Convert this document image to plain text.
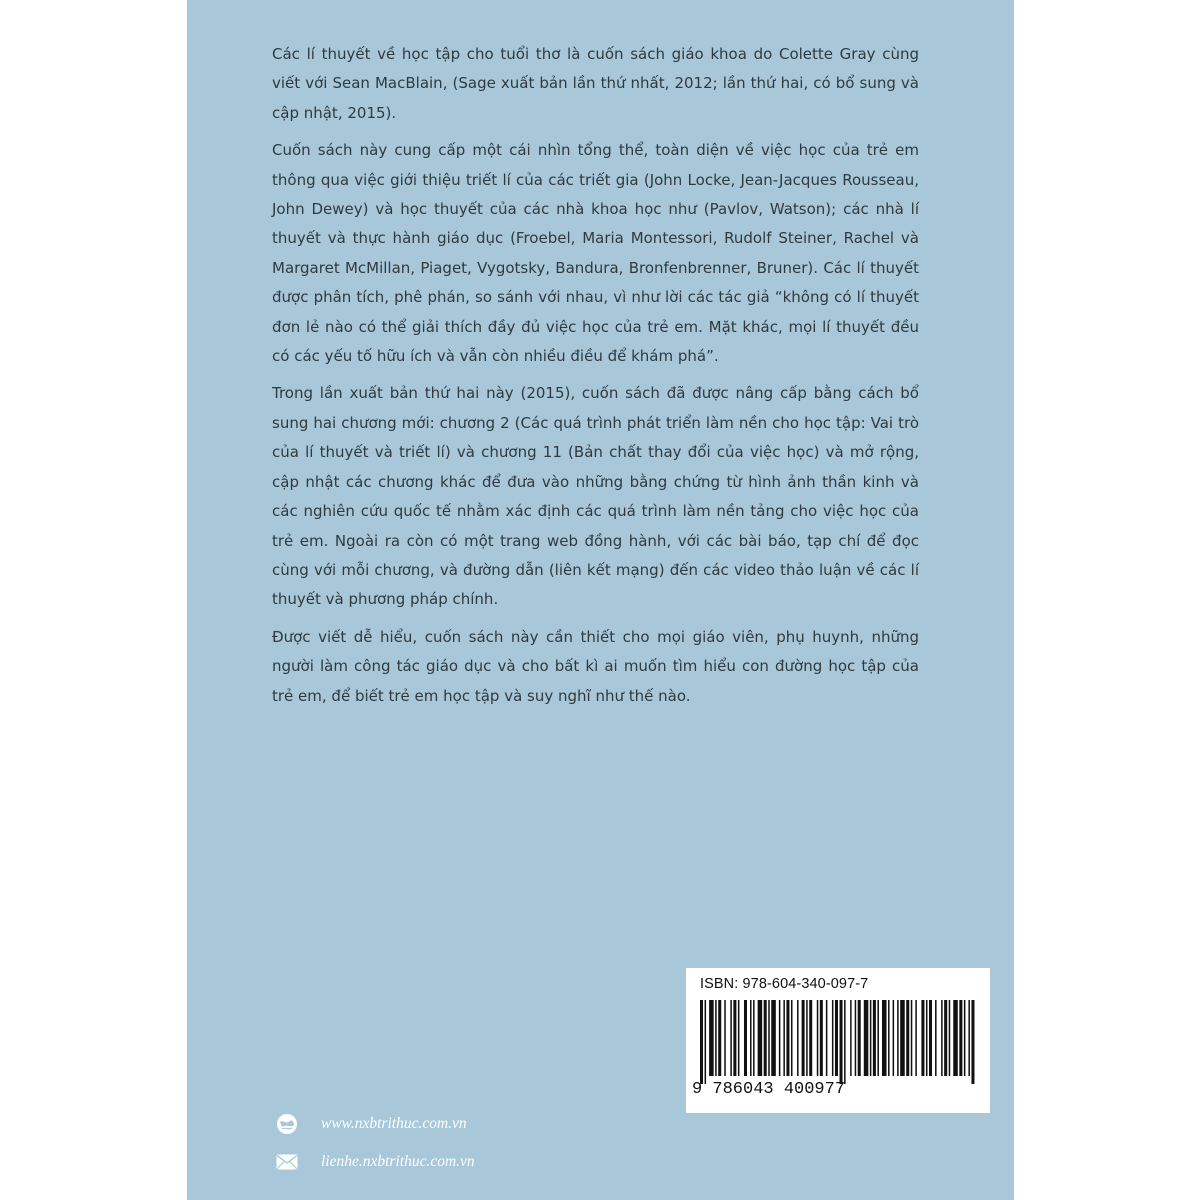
Các lí thuyết về học tập cho tuổi thơ là cuốn sách giáo khoa do Colette Gray cùng viết với Sean MacBlain, (Sage xuất bản lần thứ nhất, 2012; lần thứ hai, có bổ sung và cập nhật, 2015).

Cuốn sách này cung cấp một cái nhìn tổng thể, toàn diện về việc học của trẻ em thông qua việc giới thiệu triết lí của các triết gia (John Locke, Jean-Jacques Rousseau, John Dewey) và học thuyết của các nhà khoa học như (Pavlov, Watson); các nhà lí thuyết và thực hành giáo dục (Froebel, Maria Montessori, Rudolf Steiner, Rachel và Margaret McMillan, Piaget, Vygotsky, Bandura, Bronfenbrenner, Bruner). Các lí thuyết được phân tích, phê phán, so sánh với nhau, vì như lời các tác giả “không có lí thuyết đơn lẻ nào có thể giải thích đầy đủ việc học của trẻ em. Mặt khác, mọi lí thuyết đều có các yếu tố hữu ích và vẫn còn nhiều điều để khám phá”.

Trong lần xuất bản thứ hai này (2015), cuốn sách đã được nâng cấp bằng cách bổ sung hai chương mới: chương 2 (Các quá trình phát triển làm nền cho học tập: Vai trò của lí thuyết và triết lí) và chương 11 (Bản chất thay đổi của việc học) và mở rộng, cập nhật các chương khác để đưa vào những bằng chứng từ hình ảnh thần kinh và các nghiên cứu quốc tế nhằm xác định các quá trình làm nền tảng cho việc học của trẻ em. Ngoài ra còn có một trang web đồng hành, với các bài báo, tạp chí để đọc cùng với mỗi chương, và đường dẫn (liên kết mạng) đến các video thảo luận về các lí thuyết và phương pháp chính.

Được viết dễ hiểu, cuốn sách này cần thiết cho mọi giáo viên, phụ huynh, những người làm công tác giáo dục và cho bất kì ai muốn tìm hiểu con đường học tập của trẻ em, để biết trẻ em học tập và suy nghĩ như thế nào.

ISBN: 978-604-340-097-7
9 786043 400977
www.nxbtrithuc.com.vn
lienhe.nxbtrithuc.com.vn
